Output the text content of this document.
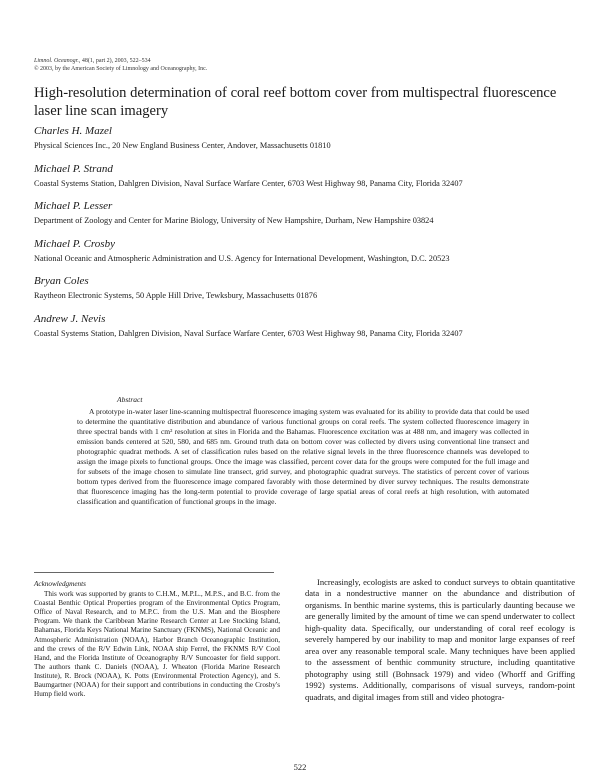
Limnol. Oceanogr., 48(1, part 2), 2003, 522–534
© 2003, by the American Society of Limnology and Oceanography, Inc.
High-resolution determination of coral reef bottom cover from multispectral fluorescence laser line scan imagery
Charles H. Mazel
Physical Sciences Inc., 20 New England Business Center, Andover, Massachusetts 01810
Michael P. Strand
Coastal Systems Station, Dahlgren Division, Naval Surface Warfare Center, 6703 West Highway 98, Panama City, Florida 32407
Michael P. Lesser
Department of Zoology and Center for Marine Biology, University of New Hampshire, Durham, New Hampshire 03824
Michael P. Crosby
National Oceanic and Atmospheric Administration and U.S. Agency for International Development, Washington, D.C. 20523
Bryan Coles
Raytheon Electronic Systems, 50 Apple Hill Drive, Tewksbury, Massachusetts 01876
Andrew J. Nevis
Coastal Systems Station, Dahlgren Division, Naval Surface Warfare Center, 6703 West Highway 98, Panama City, Florida 32407
Abstract

A prototype in-water laser line-scanning multispectral fluorescence imaging system was evaluated for its ability to provide data that could be used to determine the quantitative distribution and abundance of various functional groups on coral reefs. The system collected fluorescence imagery in three spectral bands with 1 cm² resolution at sites in Florida and the Bahamas. Fluorescence excitation was at 488 nm, and imagery was collected in emission bands centered at 520, 580, and 685 nm. Ground truth data on bottom cover was collected by divers using conventional line transect and photographic quadrat methods. A set of classification rules based on the relative signal levels in the three fluorescence channels was developed to assign the image pixels to functional groups. Once the image was classified, percent cover data for the groups were computed for the full image and for subsets of the image chosen to simulate line transect, grid survey, and photographic quadrat surveys. The statistics of percent cover of various bottom types derived from the fluorescence image compared favorably with those determined by diver survey techniques. The results demonstrate that fluorescence imaging has the long-term potential to provide coverage of large spatial areas of coral reefs at high resolution, with automated classification and quantification of functional groups in the image.

Acknowledgments

This work was supported by grants to C.H.M., M.P.L., M.P.S., and B.C. from the Coastal Benthic Optical Properties program of the Environmental Optics Program, Office of Naval Research, and to M.P.C. from the U.S. Man and the Biosphere Program. We thank the Caribbean Marine Research Center at Lee Stocking Island, Bahamas, Florida Keys National Marine Sanctuary (FKNMS), National Oceanic and Atmospheric Administration (NOAA), Harbor Branch Oceanographic Institution, and the crews of the R/V Edwin Link, NOAA ship Ferrel, the FKNMS R/V Cool Hand, and the Florida Institute of Oceanography R/V Suncoaster for field support. The authors thank C. Daniels (NOAA), J. Wheaton (Florida Marine Research Institute), R. Brock (NOAA), K. Potts (Environmental Protection Agency), and S. Baumgartner (NOAA) for their support and contributions in conducting the Crosby's Hump field work.

Increasingly, ecologists are asked to conduct surveys to obtain quantitative data in a nondestructive manner on the abundance and distribution of organisms. In benthic marine systems, this is particularly daunting because we are generally limited by the amount of time we can spend underwater to collect high-quality data. Specifically, our understanding of coral reef ecology is severely hampered by our inability to map and monitor large expanses of reef area over any reasonable temporal scale. Many techniques have been applied to the assessment of benthic community structure, including quantitative photography using still (Bohnsack 1979) and video (Whorff and Griffing 1992) systems. Additionally, comparisons of visual surveys, random-point quadrats, and digital images from still and video photogra-

522
